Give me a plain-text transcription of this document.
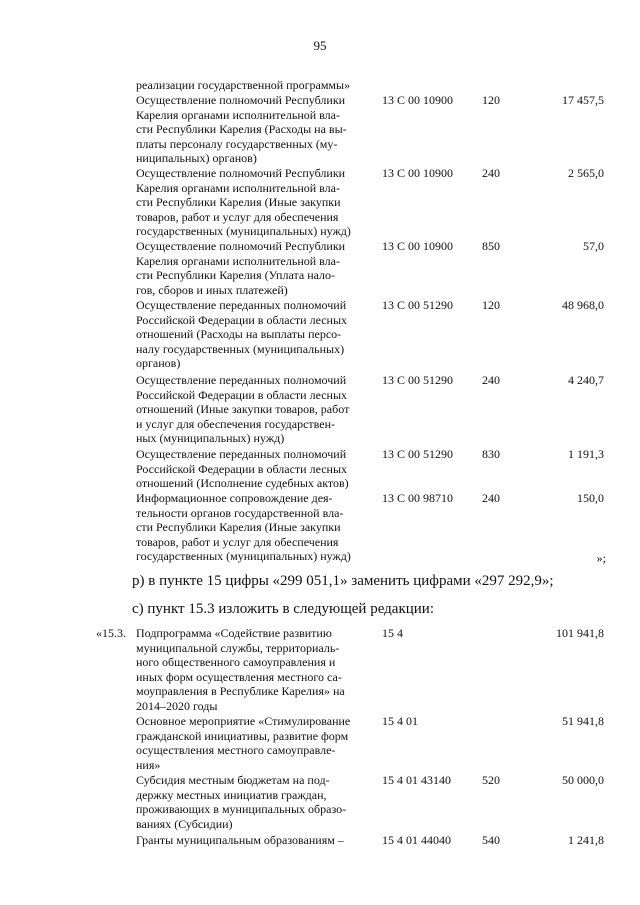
95
реализации государственной программы»
Осуществление полномочий Республики
Карелия органами исполнительной вла-
сти Республики Карелия (Расходы на вы-
платы персоналу государственных (му-
ниципальных) органов)
13 С 00 10900 120	17 457,5
Осуществление полномочий Республики
Карелия органами исполнительной вла-
сти Республики Карелия (Иные закупки
товаров, работ и услуг для обеспечения
государственных (муниципальных) нужд)
13 С 00 10900 240	2 565,0
Осуществление полномочий Республики
Карелия органами исполнительной вла-
сти Республики Карелия (Уплата нало-
гов, сборов и иных платежей)
13 С 00 10900 850	57,0
Осуществление переданных полномочий
Российской Федерации в области лесных
отношений (Расходы на выплаты персо-
налу государственных (муниципальных)
органов)
13 С 00 51290 120	48 968,0
Осуществление переданных полномочий
Российской Федерации в области лесных
отношений (Иные закупки товаров, работ
и услуг для обеспечения государствен-
ных (муниципальных) нужд)
13 С 00 51290 240	4 240,7
Осуществление переданных полномочий
Российской Федерации в области лесных
отношений (Исполнение судебных актов)
13 С 00 51290 830	1 191,3
Информационное сопровождение дея-
тельности органов государственной вла-
сти Республики Карелия (Иные закупки
товаров, работ и услуг для обеспечения
государственных (муниципальных) нужд)
13 С 00 98710 240	150,0
»;
р) в пункте 15 цифры «299 051,1» заменить цифрами «297 292,9»;
с) пункт 15.3 изложить в следующей редакции:
«15.3. Подпрограмма «Содействие развитию
муниципальной службы, территориаль-
ного общественного самоуправления и
иных форм осуществления местного са-
моуправления в Республике Карелия» на
2014–2020 годы
15 4	101 941,8
Основное мероприятие «Стимулирование
гражданской инициативы, развитие форм
осуществления местного самоуправле-
ния»
15 4 01	51 941,8
Субсидия местным бюджетам на под-
держку местных инициатив граждан,
проживающих в муниципальных образо-
ваниях (Субсидии)
15 4 01 43140	520	50 000,0
Гранты муниципальным образованиям –	15 4 01 44040	540	1 241,8
